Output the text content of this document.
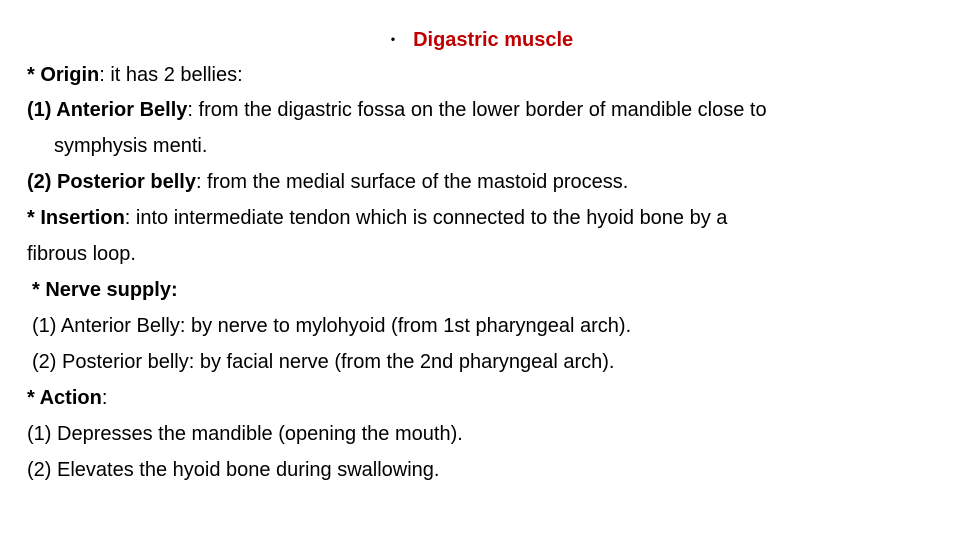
• Digastric muscle
* Origin: it has 2 bellies:
(1) Anterior Belly: from the digastric fossa on the lower border of mandible close to
symphysis menti.
(2) Posterior belly: from the medial surface of the mastoid process.
* Insertion: into intermediate tendon which is connected to the hyoid bone by a
fibrous loop.
* Nerve supply:
(1) Anterior Belly: by nerve to mylohyoid (from 1st pharyngeal arch).
(2) Posterior belly: by facial nerve (from the 2nd pharyngeal arch).
* Action:
(1) Depresses the mandible (opening the mouth).
(2) Elevates the hyoid bone during swallowing.
